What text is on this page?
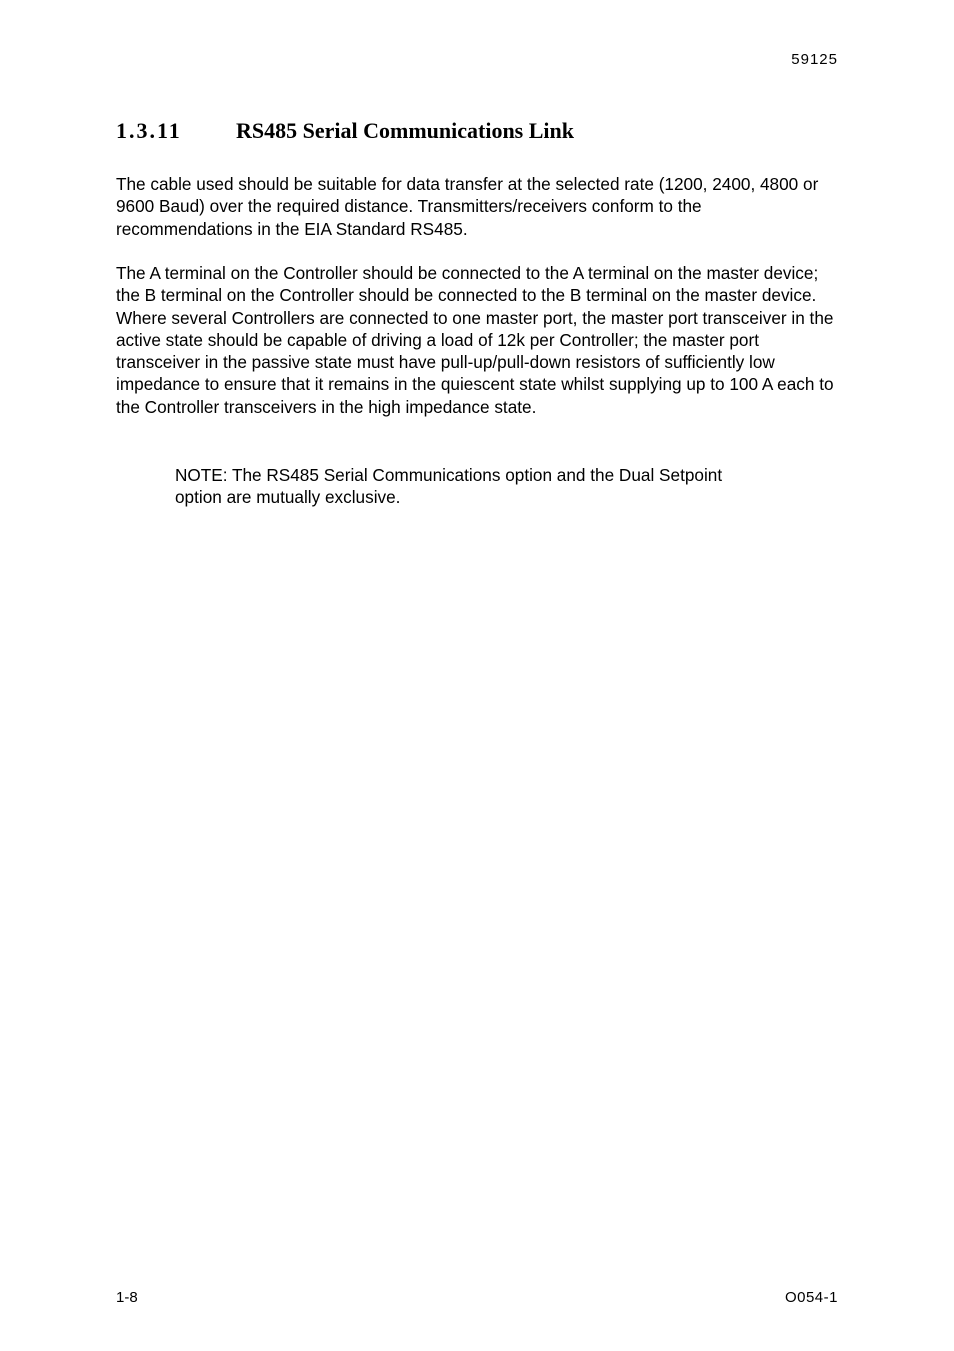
59125
1.3.11 RS485 Serial Communications Link

The cable used should be suitable for data transfer at the selected rate (1200, 2400, 4800 or 9600 Baud) over the required distance. Transmitters/receivers conform to the recommendations in the EIA Standard RS485.

The A terminal on the Controller should be connected to the A terminal on the master device; the B terminal on the Controller should be connected to the B terminal on the master device. Where several Controllers are connected to one master port, the master port transceiver in the active state should be capable of driving a load of 12k per Controller; the master port transceiver in the passive state must have pull-up/pull-down resistors of sufficiently low impedance to ensure that it remains in the quiescent state whilst supplying up to 100 A each to the Controller transceivers in the high impedance state.

NOTE: The RS485 Serial Communications option and the Dual Setpoint option are mutually exclusive.

1-8	O054-1
